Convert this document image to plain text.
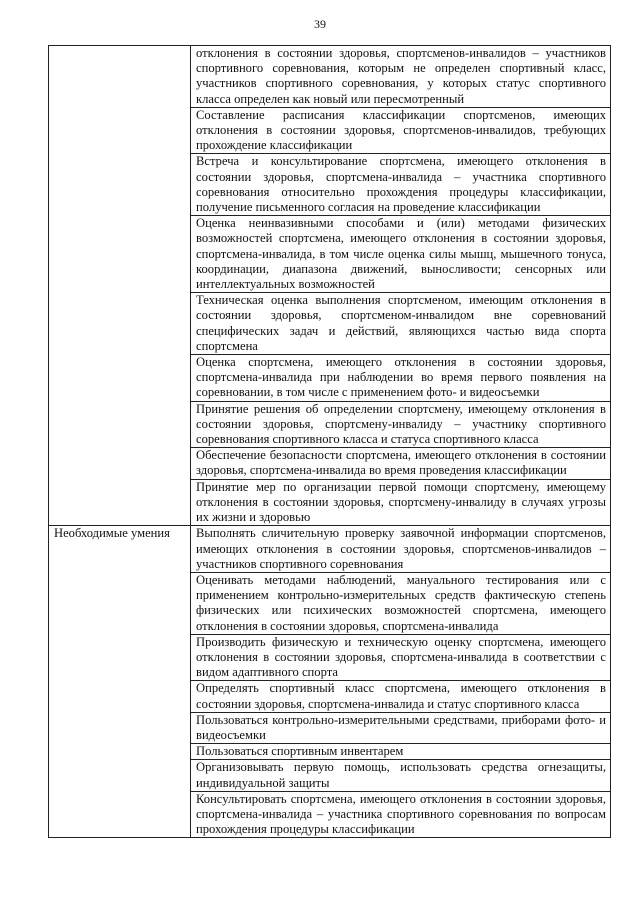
39
	отклонения в состоянии здоровья, спортсменов-инвалидов – участников спортивного соревнования, которым не определен спортивный класс, участников спортивного соревнования, у которых статус спортивного класса определен как новый или пересмотренный
	Составление расписания классификации спортсменов, имеющих отклонения в состоянии здоровья, спортсменов-инвалидов, требующих прохождение классификации
	Встреча и консультирование спортсмена, имеющего отклонения в состоянии здоровья, спортсмена-инвалида – участника спортивного соревнования относительно прохождения процедуры классификации, получение письменного согласия на проведение классификации
	Оценка неинвазивными способами и (или) методами физических возможностей спортсмена, имеющего отклонения в состоянии здоровья, спортсмена-инвалида, в том числе оценка силы мышц, мышечного тонуса, координации, диапазона движений, выносливости; сенсорных или интеллектуальных возможностей
	Техническая оценка выполнения спортсменом, имеющим отклонения в состоянии здоровья, спортсменом-инвалидом вне соревнований специфических задач и действий, являющихся частью вида спорта спортсмена
	Оценка спортсмена, имеющего отклонения в состоянии здоровья, спортсмена-инвалида при наблюдении во время первого появления на соревновании, в том числе с применением фото- и видеосъемки
	Принятие решения об определении спортсмену, имеющему отклонения в состоянии здоровья, спортсмену-инвалиду – участнику спортивного соревнования спортивного класса и статуса спортивного класса
	Обеспечение безопасности спортсмена, имеющего отклонения в состоянии здоровья, спортсмена-инвалида во время проведения классификации
	Принятие мер по организации первой помощи спортсмену, имеющему отклонения в состоянии здоровья, спортсмену-инвалиду в случаях угрозы их жизни и здоровью
Необходимые умения	Выполнять сличительную проверку заявочной информации спортсменов, имеющих отклонения в состоянии здоровья, спортсменов-инвалидов – участников спортивного соревнования
	Оценивать методами наблюдений, мануального тестирования или с применением контрольно-измерительных средств фактическую степень физических или психических возможностей спортсмена, имеющего отклонения в состоянии здоровья, спортсмена-инвалида
	Производить физическую и техническую оценку спортсмена, имеющего отклонения в состоянии здоровья, спортсмена-инвалида в соответствии с видом адаптивного спорта
	Определять спортивный класс спортсмена, имеющего отклонения в состоянии здоровья, спортсмена-инвалида и статус спортивного класса
	Пользоваться контрольно-измерительными средствами, приборами фото- и видеосъемки
	Пользоваться спортивным инвентарем
	Организовывать первую помощь, использовать средства огнезащиты, индивидуальной защиты
	Консультировать спортсмена, имеющего отклонения в состоянии здоровья, спортсмена-инвалида – участника спортивного соревнования по вопросам прохождения процедуры классификации
